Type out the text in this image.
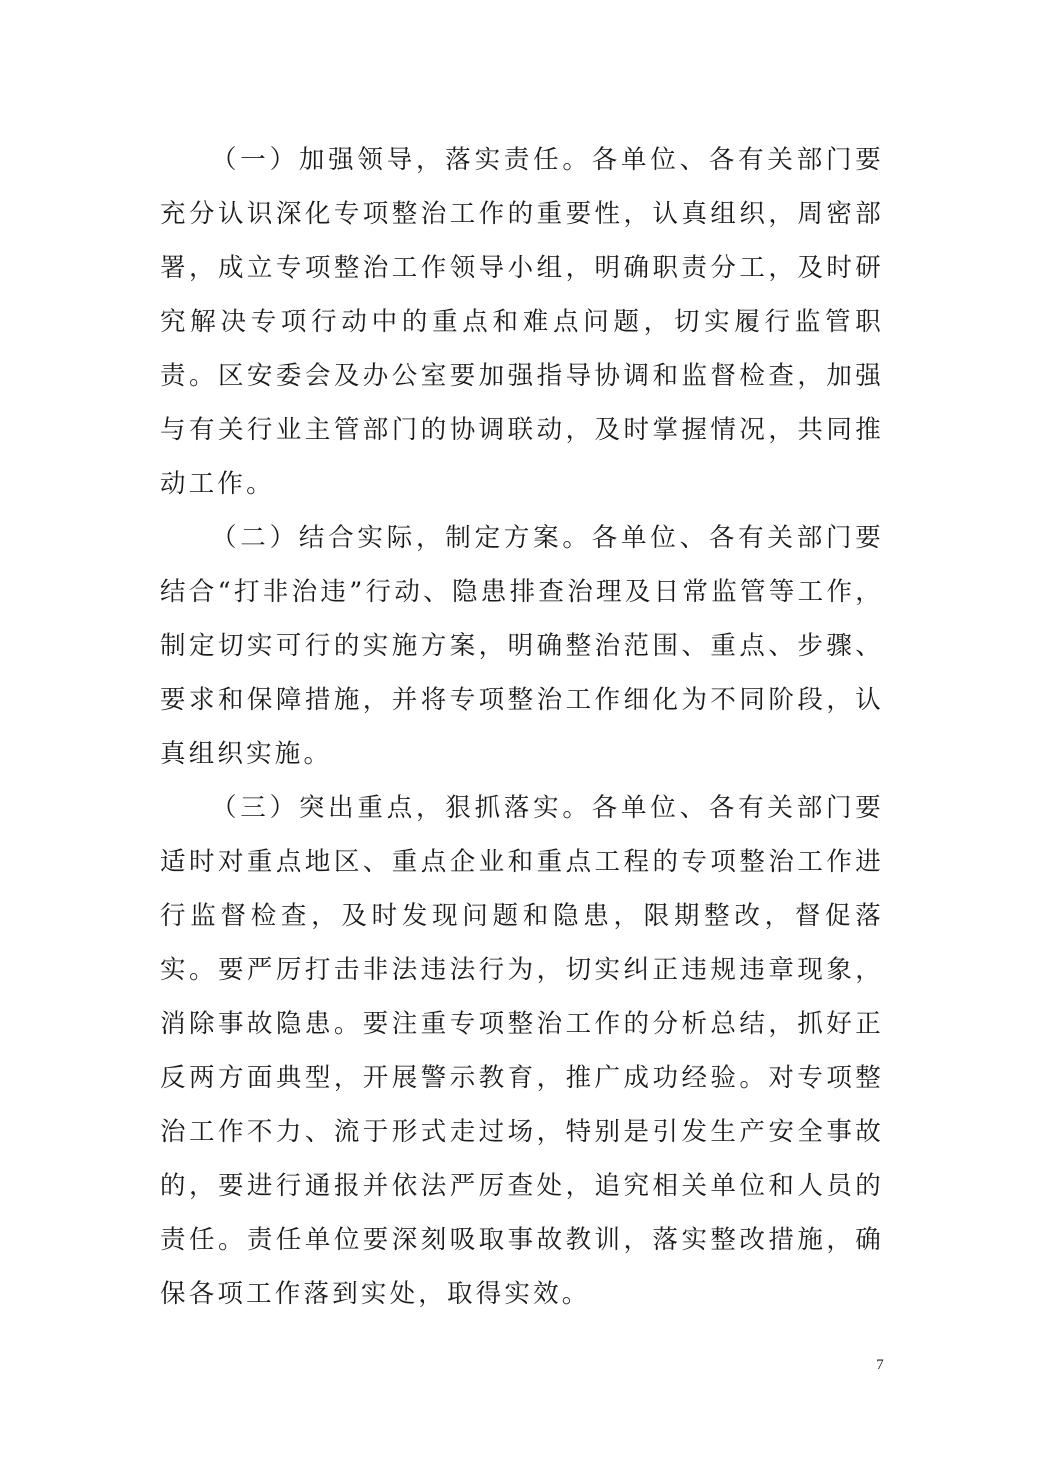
（一）加强领导，落实责任。各单位、各有关部门要充分认识深化专项整治工作的重要性，认真组织，周密部署，成立专项整治工作领导小组，明确职责分工，及时研究解决专项行动中的重点和难点问题，切实履行监管职责。区安委会及办公室要加强指导协调和监督检查，加强与有关行业主管部门的协调联动，及时掌握情况，共同推动工作。

（二）结合实际，制定方案。各单位、各有关部门要结合“打非治违”行动、隐患排查治理及日常监管等工作，制定切实可行的实施方案，明确整治范围、重点、步骤、要求和保障措施，并将专项整治工作细化为不同阶段，认真组织实施。

（三）突出重点，狠抓落实。各单位、各有关部门要适时对重点地区、重点企业和重点工程的专项整治工作进行监督检查，及时发现问题和隐患，限期整改，督促落实。要严厉打击非法违法行为，切实纠正违规违章现象，消除事故隐患。要注重专项整治工作的分析总结，抓好正反两方面典型，开展警示教育，推广成功经验。对专项整治工作不力、流于形式走过场，特别是引发生产安全事故的，要进行通报并依法严厉查处，追究相关单位和人员的责任。责任单位要深刻吸取事故教训，落实整改措施，确保各项工作落到实处，取得实效。

7
